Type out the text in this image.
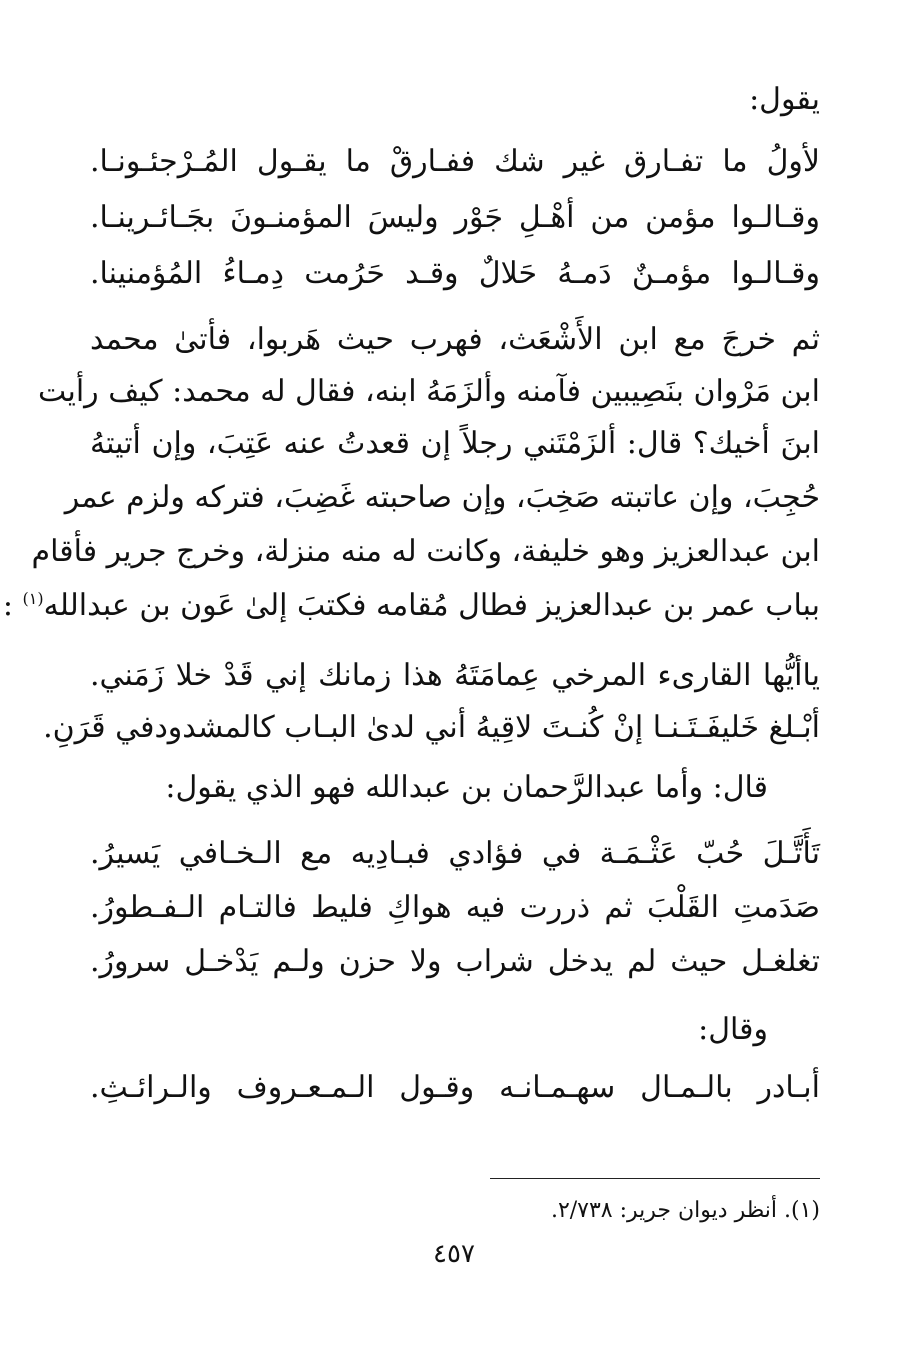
يقول:
لأولُ ما تفـارق غير شك ففـارقْ ما يقـول المُـرْجئـونـا.
وقـالـوا مؤمن من أهْـلِ جَوْر وليسَ المؤمنـونَ بجَـائـرينـا.
وقـالـوا مؤمـنٌ دَمـهُ حَلالٌ وقـد حَرُمت دِمـاءُ المُؤمنينا.
ثم خرجَ مع ابن الأَشْعَث، فهرب حيث هَربوا، فأتىٰ محمد
ابن مَرْوان بنَصِيبين فآمنه وألزَمَهُ ابنه، فقال له محمد: كيف رأيت
ابنَ أخيك؟ قال: ألزَمْتَني رجلاً إن قعدتُ عنه عَتِبَ، وإن أتيتهُ
حُجِبَ، وإن عاتبته صَخِبَ، وإن صاحبته غَضِبَ، فتركه ولزم عمر
ابن عبدالعزيز وهو خليفة، وكانت له منه منزلة، وخرج جرير فأقام
بباب عمر بن عبدالعزيز فطال مُقامه فكتبَ إلىٰ عَون بن عبدالله$^{(١)}$ :
ياأيُّها القارىء المرخي عِمامَتَهُ هذا زمانك إني قَدْ خلا زَمَني.
أبْـلغ خَليفَـتَـنـا إنْ كُنـتَ لاقِيهُ أني لدىٰ البـاب كالمشدودفي قَرَنِ.
قال: وأما عبدالرَّحمان بن عبدالله فهو الذي يقول:
تَأَتَّـلَ حُبّ عَثْـمَـة في فؤادي فبـادِيه مع الـخـافي يَسيرُ.
صَدَمتِ القَلْبَ ثم ذررت فيه هواكِ فليط فالتـام الـفـطورُ.
تغلغـل حيث لم يدخل شراب ولا حزن ولـم يَدْخـل سرورُ.
وقال:
أبـادر بالـمـال سهـمـانـه وقـول الـمـعـروف والـرائـثِ.
(١). أنظر ديوان جرير: ٢/٧٣٨.
٤٥٧
